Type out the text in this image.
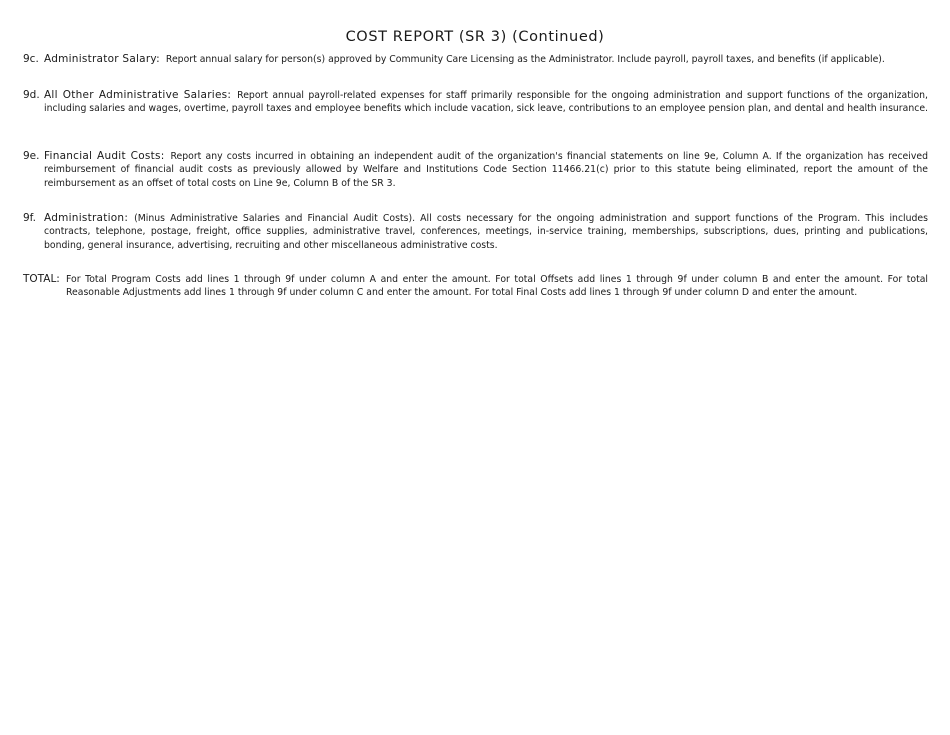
COST REPORT (SR 3) (Continued)
9c. Administrator Salary: Report annual salary for person(s) approved by Community Care Licensing as the Administrator. Include payroll, payroll taxes, and benefits (if applicable).
9d. All Other Administrative Salaries: Report annual payroll-related expenses for staff primarily responsible for the ongoing administration and support functions of the organization, including salaries and wages, overtime, payroll taxes and employee benefits which include vacation, sick leave, contributions to an employee pension plan, and dental and health insurance.
9e. Financial Audit Costs: Report any costs incurred in obtaining an independent audit of the organization's financial statements on line 9e, Column A. If the organization has received reimbursement of financial audit costs as previously allowed by Welfare and Institutions Code Section 11466.21(c) prior to this statute being eliminated, report the amount of the reimbursement as an offset of total costs on Line 9e, Column B of the SR 3.
9f. Administration: (Minus Administrative Salaries and Financial Audit Costs). All costs necessary for the ongoing administration and support functions of the Program. This includes contracts, telephone, postage, freight, office supplies, administrative travel, conferences, meetings, in-service training, memberships, subscriptions, dues, printing and publications, bonding, general insurance, advertising, recruiting and other miscellaneous administrative costs.
TOTAL: For Total Program Costs add lines 1 through 9f under column A and enter the amount. For total Offsets add lines 1 through 9f under column B and enter the amount. For total Reasonable Adjustments add lines 1 through 9f under column C and enter the amount. For total Final Costs add lines 1 through 9f under column D and enter the amount.
